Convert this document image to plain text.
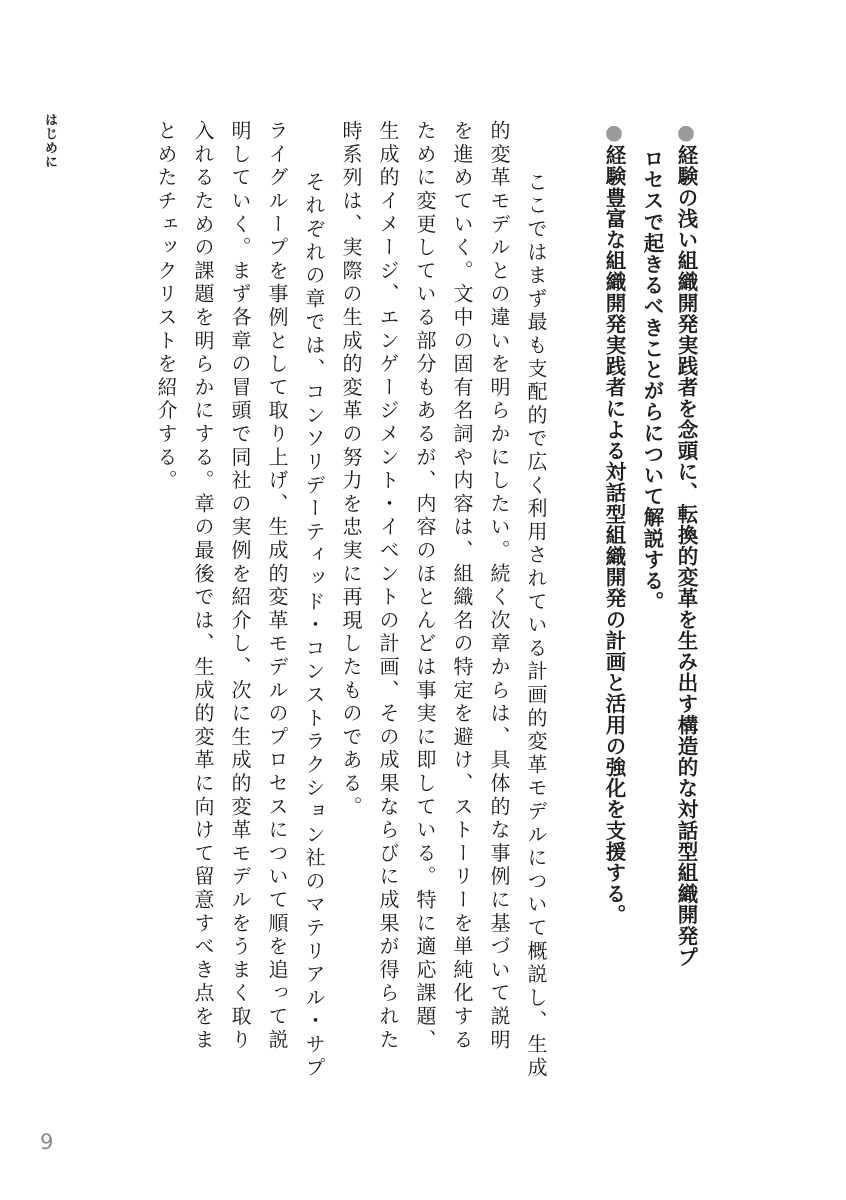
●経験の浅い組織開発実践者を念頭に、転換的変革を生み出す構造的な対話型組織開発プ

ロセスで起きるべきことがらについて解説する。

●経験豊富な組織開発実践者による対話型組織開発の計画と活用の強化を支援する。

　ここではまず最も支配的で広く利用されている計画的変革モデルについて概説し、生成

的変革モデルとの違いを明らかにしたい。続く次章からは、具体的な事例に基づいて説明

を進めていく。文中の固有名詞や内容は、組織名の特定を避け、ストーリーを単純化する

ために変更している部分もあるが、内容のほとんどは事実に即している。特に適応課題、

生成的イメージ、エンゲージメント・イベントの計画、その成果ならびに成果が得られた

時系列は、実際の生成的変革の努力を忠実に再現したものである。

　それぞれの章では、コンソリデーティッド・コンストラクション社のマテリアル・サプ

ライグループを事例として取り上げ、生成的変革モデルのプロセスについて順を追って説

明していく。まず各章の冒頭で同社の実例を紹介し、次に生成的変革モデルをうまく取り

入れるための課題を明らかにする。章の最後では、生成的変革に向けて留意すべき点をま

とめたチェックリストを紹介する。

はじめに

9
